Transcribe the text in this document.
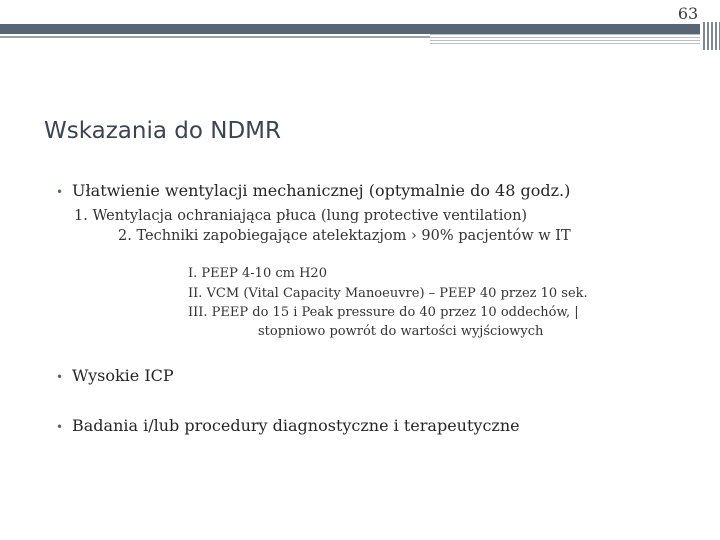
63
Wskazania do NDMR
• Ułatwienie wentylacji mechanicznej (optymalnie do 48 godz.)
1. Wentylacja ochraniająca płuca (lung protective ventilation)
2. Techniki zapobiegające atelektazjom › 90% pacjentów w IT
I. PEEP 4-10 cm H20
II. VCM (Vital Capacity Manoeuvre) – PEEP 40 przez 10 sek.
III. PEEP do 15 i Peak pressure do 40 przez 10 oddechów, |
stopniowo powrót do wartości wyjściowych
• Wysokie ICP
• Badania i/lub procedury diagnostyczne i terapeutyczne
